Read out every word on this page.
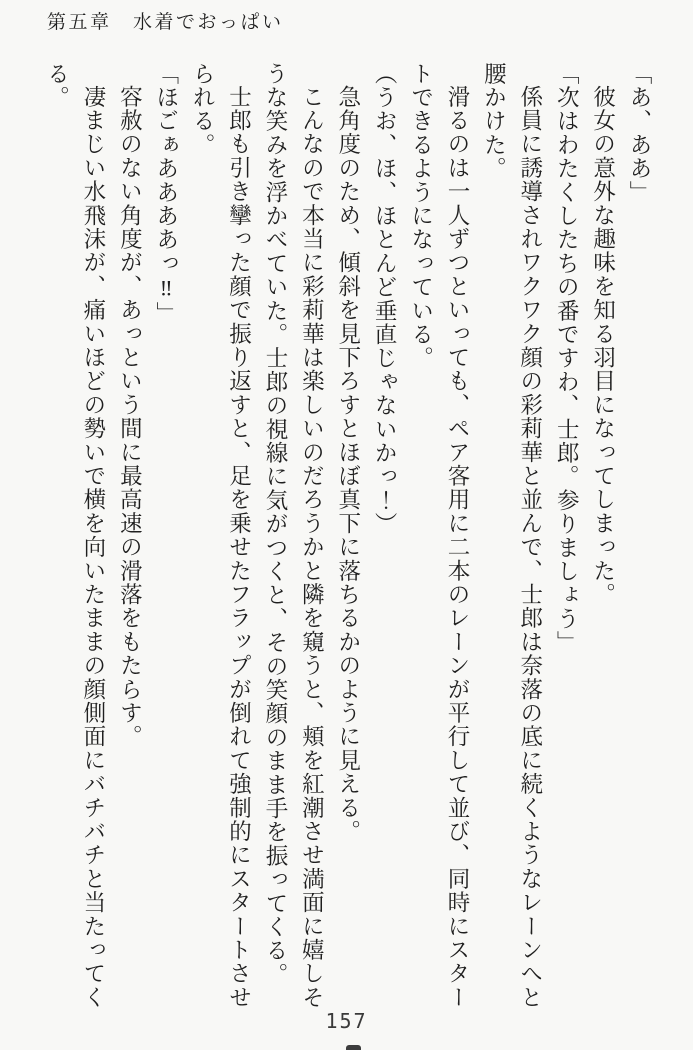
第五章　水着でおっぱい

「あ、ああ」

彼女の意外な趣味を知る羽目になってしまった。

「次はわたくしたちの番ですわ、士郎。参りましょう」

係員に誘導されワクワク顔の彩莉華と並んで、士郎は奈落の底に続くようなレーンへと腰かけた。

滑るのは一人ずつといっても、ペア客用に二本のレーンが平行して並び、同時にスタートできるようになっている。

（うお、ほ、ほとんど垂直じゃないかっ！）

急角度のため、傾斜を見下ろすとほぼ真下に落ちるかのように見える。

こんなので本当に彩莉華は楽しいのだろうかと隣を窺うと、頬を紅潮させ満面に嬉しそうな笑みを浮かべていた。士郎の視線に気がつくと、その笑顔のまま手を振ってくる。

士郎も引き攣った顔で振り返すと、足を乗せたフラップが倒れて強制的にスタートさせられる。

「ほごぁああああっ‼」

容赦のない角度が、あっという間に最高速の滑落をもたらす。

凄まじい水飛沫が、痛いほどの勢いで横を向いたままの顔側面にバチバチと当たってくる。

157
